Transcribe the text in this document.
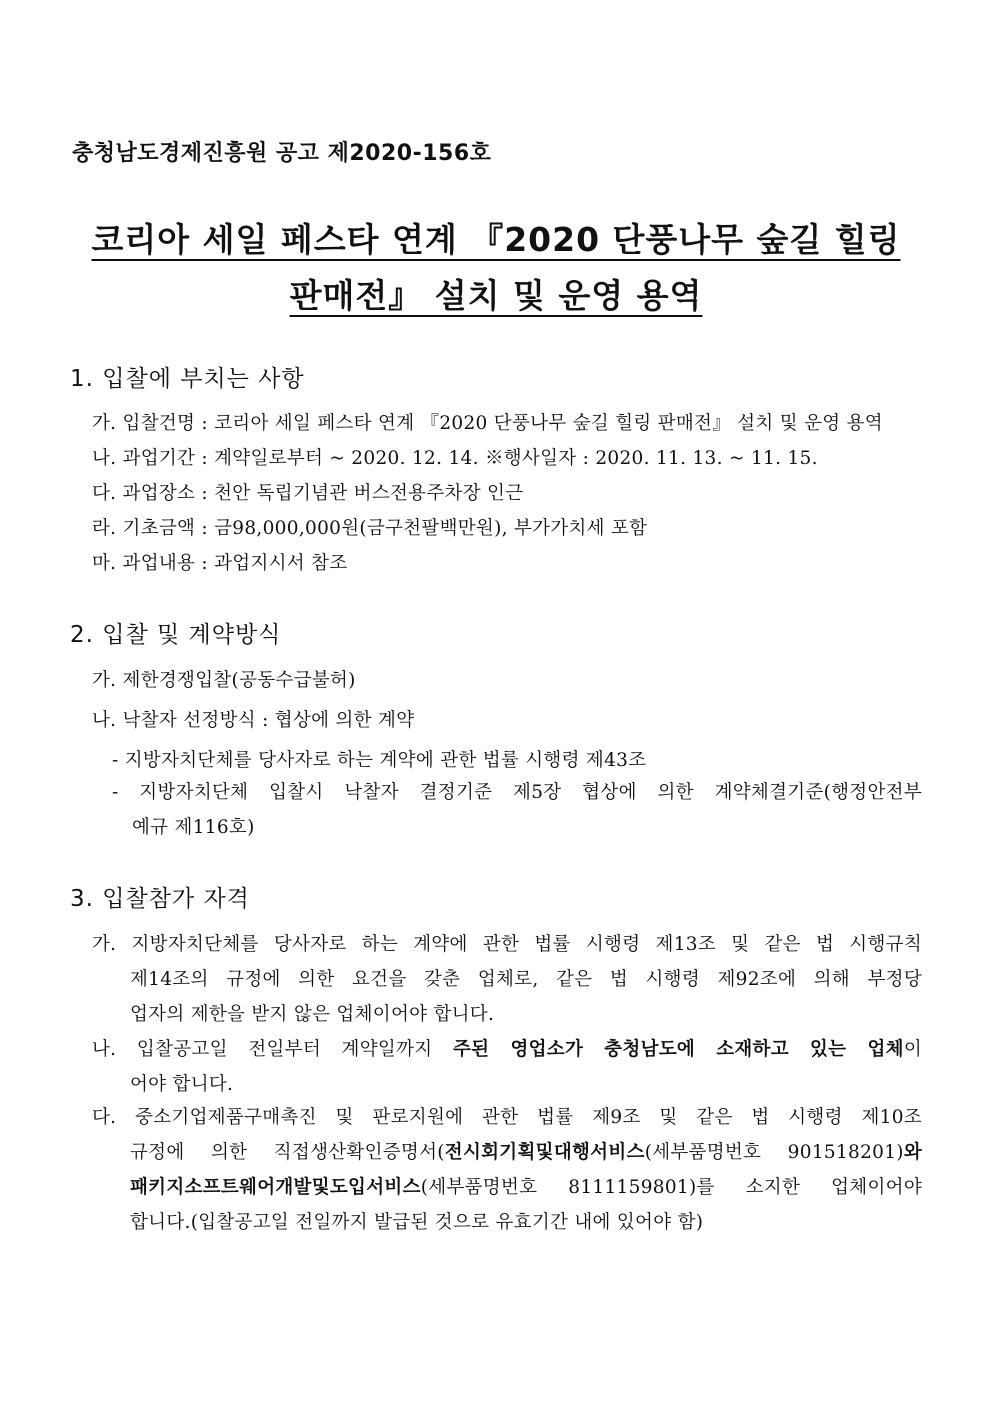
충청남도경제진흥원 공고 제2020-156호
코리아 세일 페스타 연계 『2020 단풍나무 숲길 힐링
판매전』 설치 및 운영 용역
1. 입찰에 부치는 사항
가. 입찰건명 : 코리아 세일 페스타 연계 『2020 단풍나무 숲길 힐링 판매전』 설치 및 운영 용역
나. 과업기간 : 계약일로부터 ~ 2020. 12. 14. ※행사일자 : 2020. 11. 13. ~ 11. 15.
다. 과업장소 : 천안 독립기념관 버스전용주차장 인근
라. 기초금액 : 금98,000,000원(금구천팔백만원), 부가가치세 포함
마. 과업내용 : 과업지시서 참조
2. 입찰 및 계약방식
가. 제한경쟁입찰(공동수급불허)
나. 낙찰자 선정방식 : 협상에 의한 계약
- 지방자치단체를 당사자로 하는 계약에 관한 법률 시행령 제43조
- 지방자치단체 입찰시 낙찰자 결정기준 제5장 협상에 의한 계약체결기준(행정안전부
예규 제116호)
3. 입찰참가 자격
가. 지방자치단체를 당사자로 하는 계약에 관한 법률 시행령 제13조 및 같은 법 시행규칙
제14조의 규정에 의한 요건을 갖춘 업체로, 같은 법 시행령 제92조에 의해 부정당
업자의 제한을 받지 않은 업체이어야 합니다.
나. 입찰공고일 전일부터 계약일까지 주된 영업소가 충청남도에 소재하고 있는 업체이
어야 합니다.
다. 중소기업제품구매촉진 및 판로지원에 관한 법률 제9조 및 같은 법 시행령 제10조
규정에 의한 직접생산확인증명서(전시회기획및대행서비스(세부품명번호 901518201)와
패키지소프트웨어개발및도입서비스(세부품명번호 8111159801)를 소지한 업체이어야
합니다.(입찰공고일 전일까지 발급된 것으로 유효기간 내에 있어야 함)
